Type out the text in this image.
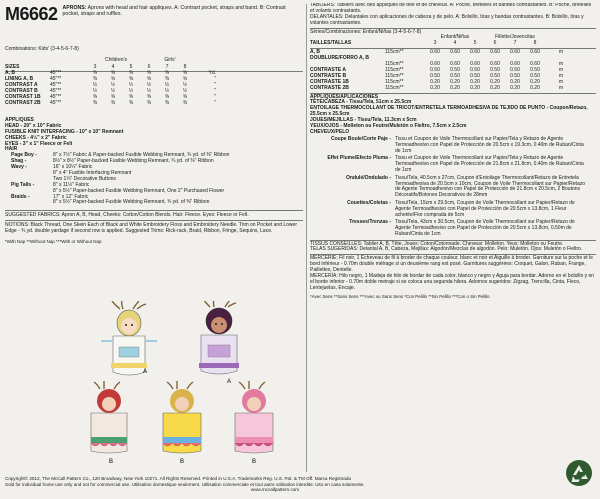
M6662 APRONS: Aprons with head and hair appliques. A: Contrast pocket, straps and band. B: Contrast pocket, straps and ruffles.
Combinations: Kids' (3-4-5-6-7-8)
Children's	Girls'
SIZES	3	4	5	6	7	8
A, B	45"**	⅝	⅝	⅝	⅝	⅝	⅝	Yd.
LINING A, B	45"**	⅝	⅝	⅝	⅝	⅝	⅝	"
CONTRAST A	45"**	½	½	½	½	½	½	"
CONTRAST B	45"**	½	½	½	½	½	½	"
CONTRAST 1B	45"**	⅜	⅜	⅜	⅜	⅜	⅜	"
CONTRAST 2B	45"**	⅜	⅜	⅜	⅜	⅜	⅜	"
APPLIQUES
HEAD - 20" x 10" Fabric
FUSIBLE KNIT INTERFACING - 10" x 10" Remnant
CHEEKS - 4½" x 2" Fabric
EYES - 3" x 1" Fleece or Felt
HAIR
Page Boy -	8" x 7½" Fabric & Paper-backed Fusible Webbing Remnant, ¾ yd. of ⅜" Ribbon
Shag -	8½" x 8½" Paper-backed Fusible Webbing Remnant, ¾ yd. of ⅜" Ribbon
Wavy -	16" x 10¼" Fabric
8" x 4" Fusible Interfacing Remnant
Two 1¼" Decorative Buttons
Pig Tails -	8" x 11½" Fabric
8" x 5½" Paper-backed Fusible Webbing Remnant, One 2" Purchased Flower
Braids -	17" x 12" Fabric
8" x 5½" Paper-backed Fusible Webbing Remnant, ¾ yd. of ⅜" Ribbon
SUGGESTED FABRICS: Apron A, B, Head, Cheeks: Cotton/Cotton Blends. Hair: Fleece. Eyes: Fleece or Felt.
NOTIONS: Black Thread, One Skein Each of Black and White Embroidery Floss and Embroidery Needle. Trim on Pocket and Lower Edge - ¾ yd. double yardage if second row is applied. Suggested Trims: Rick-rack, Braid, Ribbon, Fringe, Sequins, Lace.
*With Nap **Without Nap ***With or Without Nap
A
A
B	B	B
TABLIERS: Tabliers avec des appliqués de tête et de cheveux. A: Poche, bretelles et bandes contrastantes. B: Poche, bretelles et volants contrastants.
DELANTALES: Delantales con aplicaciones de cabeza y de pelo. A: Bolsillo, tiras y bandas contrastantes. B: Bolsillo, tiras y volantes contrastantes.
Séries/Combinaciones: Enfant/Niñas (3-4-5-6-7-8)
Enfant/Niñas	Fillette/Jovencitas
TAILLES/TALLAS	3	4	5	6	7	8
A, B	115cm**	0.60	0.60	0.60	0.60	0.60	0.60	m
DOUBLURE/FORRO A, B
115cm**	0.60	0.60	0.60	0.60	0.60	0.60	m
CONTRASTE A	115cm**	0.50	0.50	0.50	0.50	0.50	0.50	m
CONTRASTE B	115cm**	0.50	0.50	0.50	0.50	0.50	0.50	m
CONTRASTE 1B	115cm**	0.20	0.20	0.20	0.20	0.20	0.20	m
CONTRASTE 2B	115cm**	0.20	0.20	0.20	0.20	0.20	0.20	m
APPLIQUÉS/APLICACIONES
TÊTE/CABEZA - Tissu/Tela, 51cm x 25.5cm
ENTOILAGE THERMOCOLLANT DE TRICOT/ENTRETELA TERMOADHESIVA DE TEJIDO DE PUNTO - Coupon/Retazo, 25.5cm x 25.5cm
JOUES/MEJILLAS - Tissu/Tela, 11.3cm x 5cm
YEUX/OJOS - Molleton ou Feutre/Muletón o Fieltro, 7.5cm x 2.5cm
CHEVEUX/PELO
Coupe Boule/Corte Paje - Tissu et Coupon de Voile Thermocollant sur Papier/Tela y Retazo de Agente Termoadhesivo con Papel de Protección de 20.5cm x 19.3cm, 0.40m de Ruban/Cinta de 1cm
Effet Plume/Efecto Pluma - Tissu et Coupon de Voile Thermocollant sur Papier/Tela y Retazo de Agente Termoadhesivo con Papel de Protección de 21.8cm x 21.8cm, 0.40m de Ruban/Cinta de 1cm
Ondulé/Ondulado - Tissu/Tela, 40.5cm x 27cm, Coupon d'Entoilage Thermocollant/Retazo de Entretela Termoadhesiva de 20.5cm x 10cm, Coupon de Voile Thermocollant sur Papier/Retazo de Agente Termoadhesivo con Papel de Protección de 21.8cm x 20.5cm, 2 Boutons Décoratifs/Botones Decorativos de 28mm
Couettes/Coletas - Tissu/Tela, 15cm x 29.5cm, Coupon de Voile Thermocollant sur Papier/Retazo de Agente Termoadhesivo con Papel de Protección de 20.5cm x 13.8cm, 1 Fleur achetée/Flor comprada de 5cm
Tresses/Trenzas - Tissu/Tela, 43cm x 30.5cm, Coupon de Voile Thermocollant sur Papier/Retazo de Agente Termoadhesivo con Papel de Protección de 20.5cm x 13.8cm, 0.50m de Ruban/Cinta de 1cm
TISSUS CONSEILLES: Tablier A, B, Tête, Joues: Coton/Cotonnade. Cheveux: Molleton. Yeux: Molleton ou Feutre.
TELAS SUGERIDAS: Delantal A, B, Cabeza, Mejillas: Algodón/Mezclas de algodón. Pelo: Muletón. Ojos: Muletón o Fieltro.
MERCERIE: Fil noir, 1 Écheveau de fil à broder de chaque couleur, blanc et noir et Aiguille à broder. Garniture sur la poche et le bord inférieur - 0.70m double métrage si un deuxième rang est posé. Garnitures suggérées: Croquet, Galon, Ruban, Frange, Paillettes, Dentelle.
MERCERÍA: Hilo negro, 1 Madeja de hilo de bordar de cada color, blanco y negro y Aguja para bordar. Adorno en el bolsillo y en el borde inferior - 0.70m doble metraje si se coloca una segunda hilera. Adornos sugeridos: Zigzag, Trencilla, Cinta, Fleco, Lentejuelas, Encaje.
*Avec Sens **Sans Sens ***Avec ou Sans Sens *Con Pelillo **Sin Pelillo ***Con o Sin Pelillo
Copyright© 2012, The McCall Pattern Co., 120 Broadway, New York 10271. All Rights Reserved. Printed in U.S.A. Trademarks Reg. U.S. Pat. & TM Off. Marca Registrada
Sold for individual home use only and not for commercial use. Utilisation domestique seulement. Utilisation commerciale et tout autre utilisation interdite. Uso en casa solamente.
www.mccallpattern.com
